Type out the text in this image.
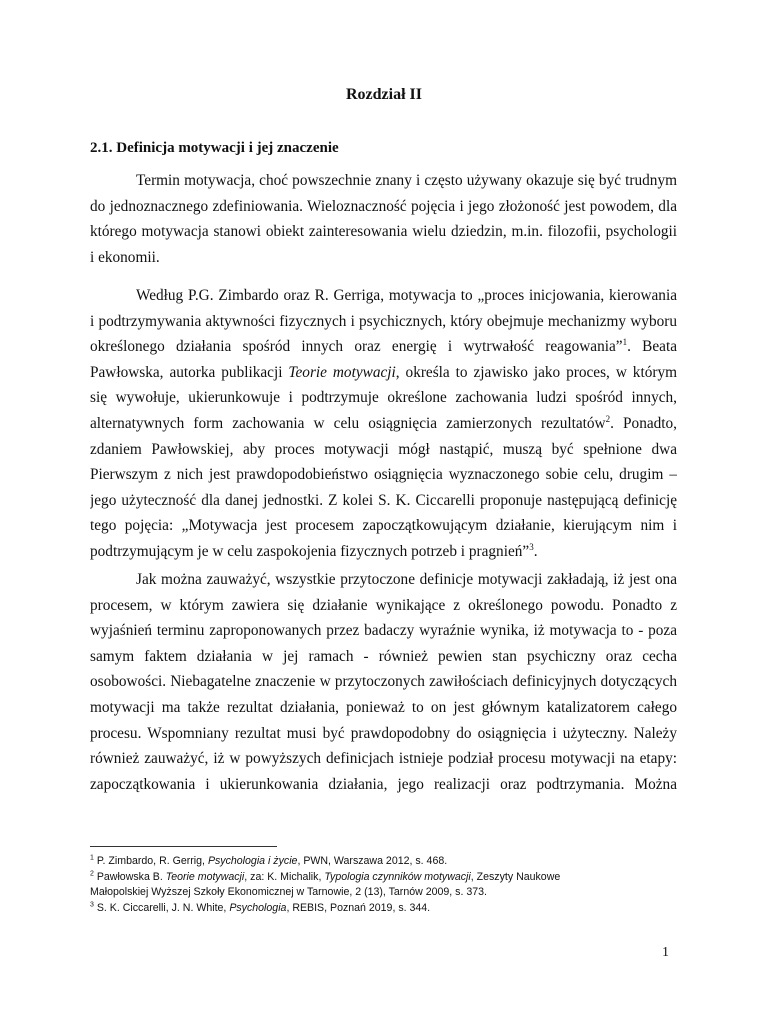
Rozdział II
2.1. Definicja motywacji i jej znaczenie
Termin motywacja, choć powszechnie znany i często używany okazuje się być trudnym
do jednoznacznego zdefiniowania. Wieloznaczność pojęcia i jego złożoność jest powodem, dla
którego motywacja stanowi obiekt zainteresowania wielu dziedzin, m.in. filozofii, psychologii
i ekonomii.
Według P.G. Zimbardo oraz R. Gerriga, motywacja to „proces inicjowania, kierowania
i podtrzymywania aktywności fizycznych i psychicznych, który obejmuje mechanizmy wyboru
określonego działania spośród innych oraz energię i wytrwałość reagowania”$^1$. Beata
Pawłowska, autorka publikacji Teorie motywacji, określa to zjawisko jako proces, w którym
się wywołuje, ukierunkowuje i podtrzymuje określone zachowania ludzi spośród innych,
alternatywnych form zachowania w celu osiągnięcia zamierzonych rezultatów$^2$. Ponadto,
zdaniem Pawłowskiej, aby proces motywacji mógł nastąpić, muszą być spełnione dwa
Pierwszym z nich jest prawdopodobieństwo osiągnięcia wyznaczonego sobie celu, drugim –
jego użyteczność dla danej jednostki. Z kolei S. K. Ciccarelli proponuje następującą definicję
tego pojęcia: „Motywacja jest procesem zapoczątkowującym działanie, kierującym nim i
podtrzymującym je w celu zaspokojenia fizycznych potrzeb i pragnień”$^3$.
Jak można zauważyć, wszystkie przytoczone definicje motywacji zakładają, iż jest ona
procesem, w którym zawiera się działanie wynikające z określonego powodu. Ponadto z
wyjaśnień terminu zaproponowanych przez badaczy wyraźnie wynika, iż motywacja to - poza
samym faktem działania w jej ramach - również pewien stan psychiczny oraz cecha
osobowości. Niebagatelne znaczenie w przytoczonych zawiłościach definicyjnych dotyczących
motywacji ma także rezultat działania, ponieważ to on jest głównym katalizatorem całego
procesu. Wspomniany rezultat musi być prawdopodobny do osiągnięcia i użyteczny. Należy
również zauważyć, iż w powyższych definicjach istnieje podział procesu motywacji na etapy:
zapoczątkowania i ukierunkowania działania, jego realizacji oraz podtrzymania. Można
$^1$ P. Zimbardo, R. Gerrig, Psychologia i życie, PWN, Warszawa 2012, s. 468.
$^2$ Pawłowska B. Teorie motywacji, za: K. Michalik, Typologia czynników motywacji, Zeszyty Naukowe
Małopolskiej Wyższej Szkoły Ekonomicznej w Tarnowie, 2 (13), Tarnów 2009, s. 373.
$^3$ S. K. Ciccarelli, J. N. White, Psychologia, REBIS, Poznań 2019, s. 344.
1
